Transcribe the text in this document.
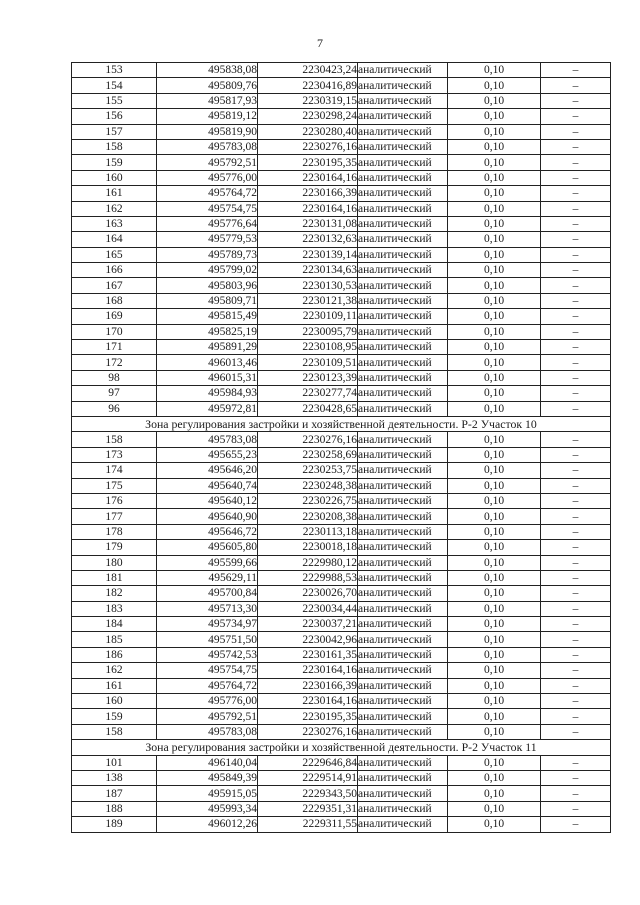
7
153	495838,08	2230423,24	аналитический	0,10	–
154	495809,76	2230416,89	аналитический	0,10	–
155	495817,93	2230319,15	аналитический	0,10	–
156	495819,12	2230298,24	аналитический	0,10	–
157	495819,90	2230280,40	аналитический	0,10	–
158	495783,08	2230276,16	аналитический	0,10	–
159	495792,51	2230195,35	аналитический	0,10	–
160	495776,00	2230164,16	аналитический	0,10	–
161	495764,72	2230166,39	аналитический	0,10	–
162	495754,75	2230164,16	аналитический	0,10	–
163	495776,64	2230131,08	аналитический	0,10	–
164	495779,53	2230132,63	аналитический	0,10	–
165	495789,73	2230139,14	аналитический	0,10	–
166	495799,02	2230134,63	аналитический	0,10	–
167	495803,96	2230130,53	аналитический	0,10	–
168	495809,71	2230121,38	аналитический	0,10	–
169	495815,49	2230109,11	аналитический	0,10	–
170	495825,19	2230095,79	аналитический	0,10	–
171	495891,29	2230108,95	аналитический	0,10	–
172	496013,46	2230109,51	аналитический	0,10	–
98	496015,31	2230123,39	аналитический	0,10	–
97	495984,93	2230277,74	аналитический	0,10	–
96	495972,81	2230428,65	аналитический	0,10	–
Зона регулирования застройки и хозяйственной деятельности. Р-2 Участок 10					
158	495783,08	2230276,16	аналитический	0,10	–
173	495655,23	2230258,69	аналитический	0,10	–
174	495646,20	2230253,75	аналитический	0,10	–
175	495640,74	2230248,38	аналитический	0,10	–
176	495640,12	2230226,75	аналитический	0,10	–
177	495640,90	2230208,38	аналитический	0,10	–
178	495646,72	2230113,18	аналитический	0,10	–
179	495605,80	2230018,18	аналитический	0,10	–
180	495599,66	2229980,12	аналитический	0,10	–
181	495629,11	2229988,53	аналитический	0,10	–
182	495700,84	2230026,70	аналитический	0,10	–
183	495713,30	2230034,44	аналитический	0,10	–
184	495734,97	2230037,21	аналитический	0,10	–
185	495751,50	2230042,96	аналитический	0,10	–
186	495742,53	2230161,35	аналитический	0,10	–
162	495754,75	2230164,16	аналитический	0,10	–
161	495764,72	2230166,39	аналитический	0,10	–
160	495776,00	2230164,16	аналитический	0,10	–
159	495792,51	2230195,35	аналитический	0,10	–
158	495783,08	2230276,16	аналитический	0,10	–
Зона регулирования застройки и хозяйственной деятельности. Р-2 Участок 11					
101	496140,04	2229646,84	аналитический	0,10	–
138	495849,39	2229514,91	аналитический	0,10	–
187	495915,05	2229343,50	аналитический	0,10	–
188	495993,34	2229351,31	аналитический	0,10	–
189	496012,26	2229311,55	аналитический	0,10	–
